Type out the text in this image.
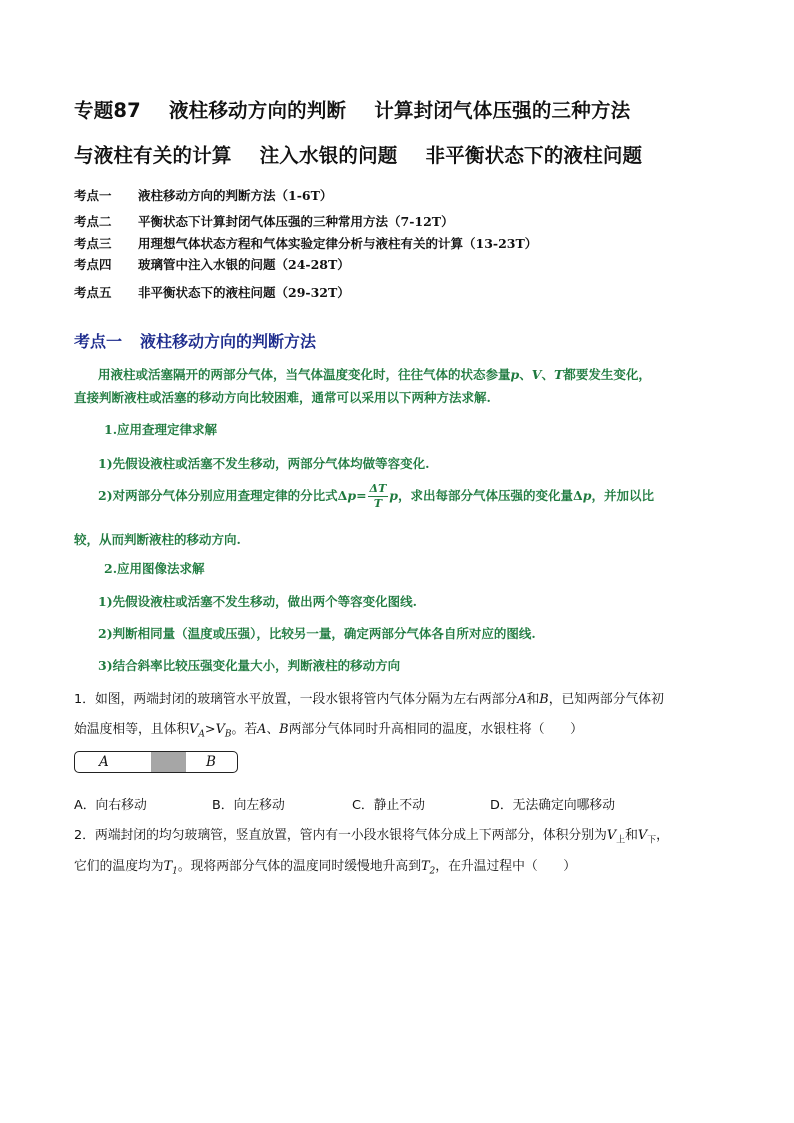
专题87 液柱移动方向的判断 计算封闭气体压强的三种方法
与液柱有关的计算 注入水银的问题 非平衡状态下的液柱问题
考点一 液柱移动方向的判断方法（1-6T）
考点二 平衡状态下计算封闭气体压强的三种常用方法（7-12T）
考点三 用理想气体状态方程和气体实验定律分析与液柱有关的计算（13-23T）
考点四 玻璃管中注入水银的问题（24-28T）
考点五 非平衡状态下的液柱问题（29-32T）
考点一 液柱移动方向的判断方法
用液柱或活塞隔开的两部分气体，当气体温度变化时，往往气体的状态参量p、V、T都要发生变化，
直接判断液柱或活塞的移动方向比较困难，通常可以采用以下两种方法求解.
1.应用查理定律求解
1)先假设液柱或活塞不发生移动，两部分气体均做等容变化.
2)对两部分气体分别应用查理定律的分比式$\Delta p= \frac{\Delta T}{T}$ p，求出每部分气体压强的变化量Δp，并加以比
较，从而判断液柱的移动方向.
2.应用图像法求解
1)先假设液柱或活塞不发生移动，做出两个等容变化图线.
2)判断相同量（温度或压强），比较另一量，确定两部分气体各自所对应的图线.
3)结合斜率比较压强变化量大小，判断液柱的移动方向
1．如图，两端封闭的玻璃管水平放置，一段水银将管内气体分隔为左右两部分A和B，已知两部分气体初
始温度相等，且体积$V_A>V_B$。若A、B两部分气体同时升高相同的温度，水银柱将（　　）
A	B
A．向右移动	B．向左移动	C．静止不动	D．无法确定向哪移动
2．两端封闭的均匀玻璃管，竖直放置，管内有一小段水银将气体分成上下两部分，体积分别为$V_上$和$V_下$，
它们的温度均为$T_1$。现将两部分气体的温度同时缓慢地升高到$T_2$，在升温过程中（　　）
